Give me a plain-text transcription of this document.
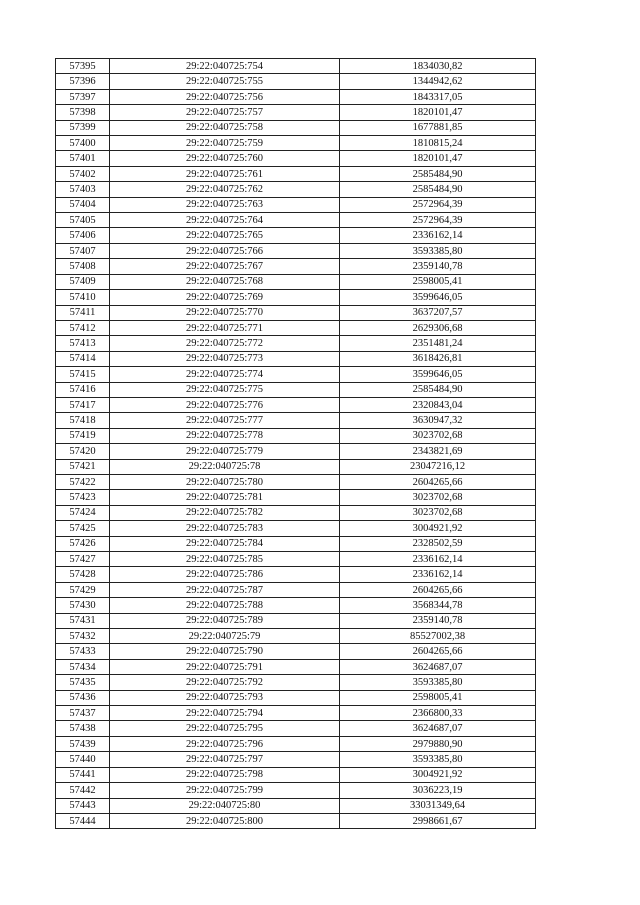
57395	29:22:040725:754	1834030,82
57396	29:22:040725:755	1344942,62
57397	29:22:040725:756	1843317,05
57398	29:22:040725:757	1820101,47
57399	29:22:040725:758	1677881,85
57400	29:22:040725:759	1810815,24
57401	29:22:040725:760	1820101,47
57402	29:22:040725:761	2585484,90
57403	29:22:040725:762	2585484,90
57404	29:22:040725:763	2572964,39
57405	29:22:040725:764	2572964,39
57406	29:22:040725:765	2336162,14
57407	29:22:040725:766	3593385,80
57408	29:22:040725:767	2359140,78
57409	29:22:040725:768	2598005,41
57410	29:22:040725:769	3599646,05
57411	29:22:040725:770	3637207,57
57412	29:22:040725:771	2629306,68
57413	29:22:040725:772	2351481,24
57414	29:22:040725:773	3618426,81
57415	29:22:040725:774	3599646,05
57416	29:22:040725:775	2585484,90
57417	29:22:040725:776	2320843,04
57418	29:22:040725:777	3630947,32
57419	29:22:040725:778	3023702,68
57420	29:22:040725:779	2343821,69
57421	29:22:040725:78	23047216,12
57422	29:22:040725:780	2604265,66
57423	29:22:040725:781	3023702,68
57424	29:22:040725:782	3023702,68
57425	29:22:040725:783	3004921,92
57426	29:22:040725:784	2328502,59
57427	29:22:040725:785	2336162,14
57428	29:22:040725:786	2336162,14
57429	29:22:040725:787	2604265,66
57430	29:22:040725:788	3568344,78
57431	29:22:040725:789	2359140,78
57432	29:22:040725:79	85527002,38
57433	29:22:040725:790	2604265,66
57434	29:22:040725:791	3624687,07
57435	29:22:040725:792	3593385,80
57436	29:22:040725:793	2598005,41
57437	29:22:040725:794	2366800,33
57438	29:22:040725:795	3624687,07
57439	29:22:040725:796	2979880,90
57440	29:22:040725:797	3593385,80
57441	29:22:040725:798	3004921,92
57442	29:22:040725:799	3036223,19
57443	29:22:040725:80	33031349,64
57444	29:22:040725:800	2998661,67
